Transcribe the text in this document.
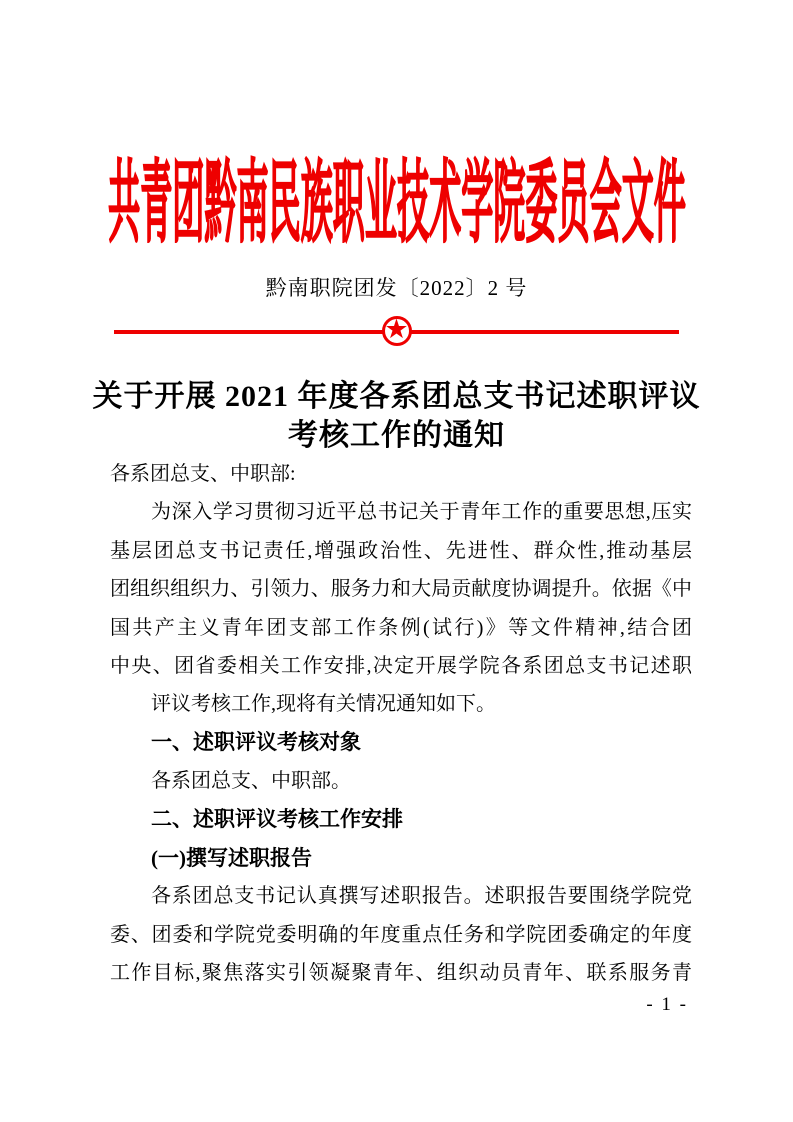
共青团黔南民族职业技术学院委员会文件
黔南职院团发〔2022〕2 号
★
关于开展 2021 年度各系团总支书记述职评议
考核工作的通知
各系团总支、中职部:
为深入学习贯彻习近平总书记关于青年工作的重要思想,压实
基层团总支书记责任,增强政治性、先进性、群众性,推动基层
团组织组织力、引领力、服务力和大局贡献度协调提升。依据《中
国共产主义青年团支部工作条例(试行)》等文件精神,结合团
中央、团省委相关工作安排,决定开展学院各系团总支书记述职
评议考核工作,现将有关情况通知如下。
一、述职评议考核对象
各系团总支、中职部。
二、述职评议考核工作安排
(一)撰写述职报告
各系团总支书记认真撰写述职报告。述职报告要围绕学院党
委、团委和学院党委明确的年度重点任务和学院团委确定的年度
工作目标,聚焦落实引领凝聚青年、组织动员青年、联系服务青
- 1 -
